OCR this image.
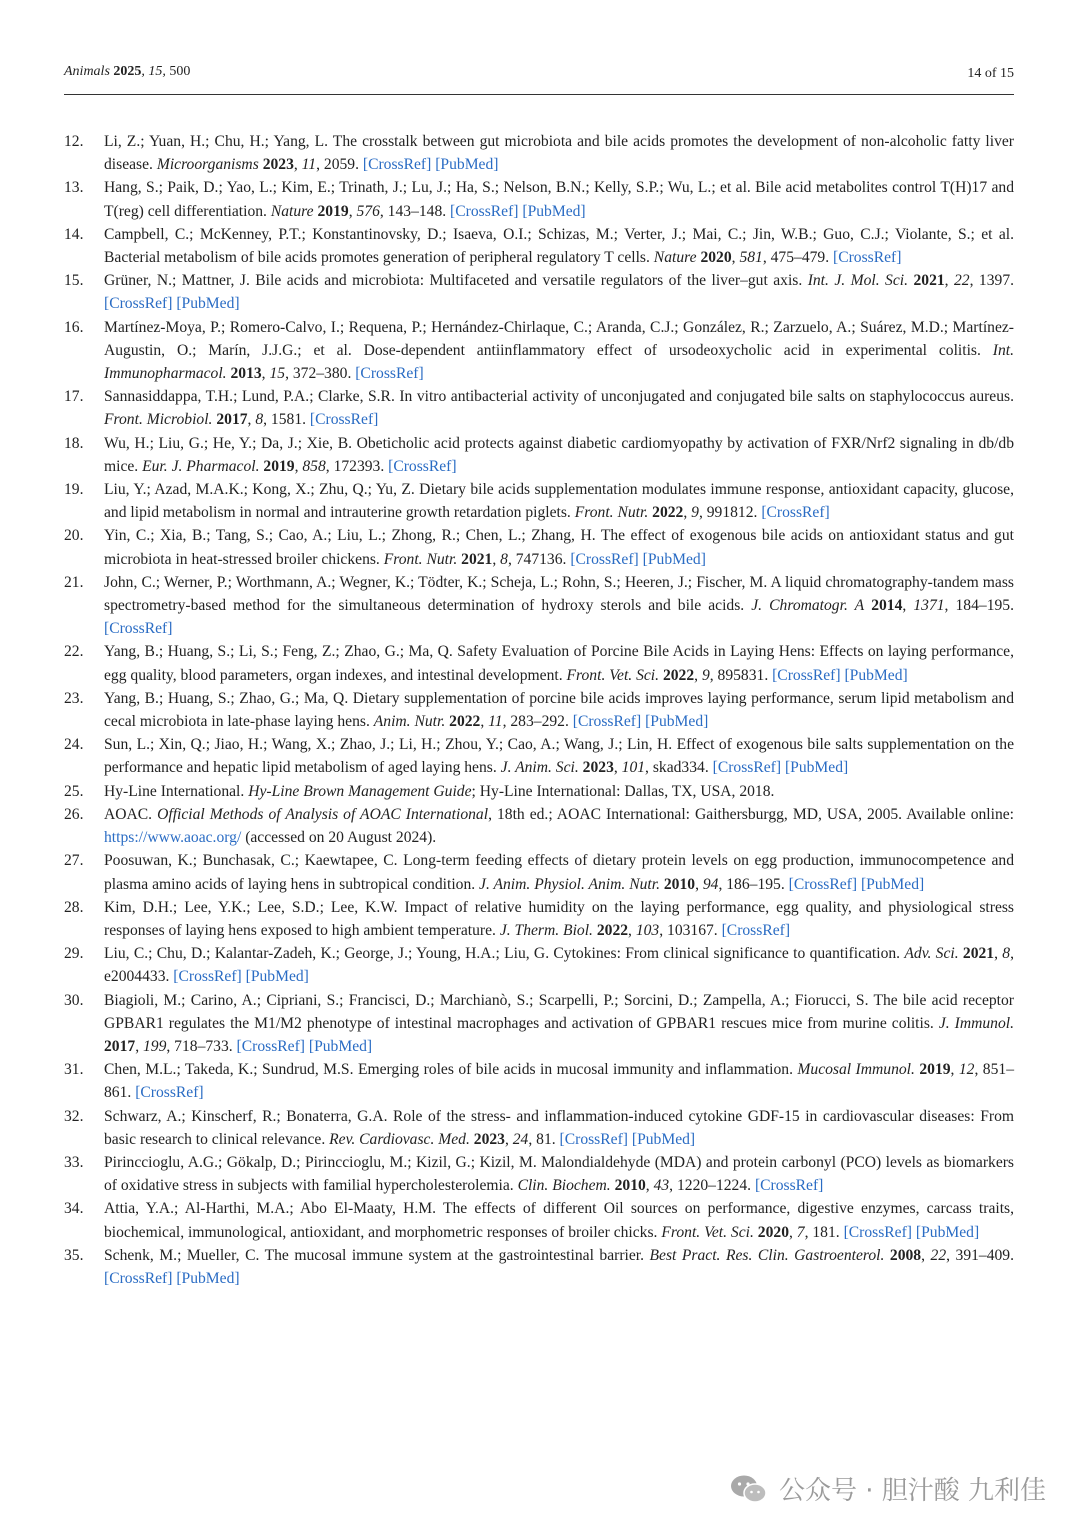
Animals 2025, 15, 500	14 of 15
12. Li, Z.; Yuan, H.; Chu, H.; Yang, L. The crosstalk between gut microbiota and bile acids promotes the development of non-alcoholic fatty liver disease. Microorganisms 2023, 11, 2059. [CrossRef] [PubMed]
13. Hang, S.; Paik, D.; Yao, L.; Kim, E.; Trinath, J.; Lu, J.; Ha, S.; Nelson, B.N.; Kelly, S.P.; Wu, L.; et al. Bile acid metabolites control T(H)17 and T(reg) cell differentiation. Nature 2019, 576, 143–148. [CrossRef] [PubMed]
14. Campbell, C.; McKenney, P.T.; Konstantinovsky, D.; Isaeva, O.I.; Schizas, M.; Verter, J.; Mai, C.; Jin, W.B.; Guo, C.J.; Violante, S.; et al. Bacterial metabolism of bile acids promotes generation of peripheral regulatory T cells. Nature 2020, 581, 475–479. [CrossRef]
15. Grüner, N.; Mattner, J. Bile acids and microbiota: Multifaceted and versatile regulators of the liver–gut axis. Int. J. Mol. Sci. 2021, 22, 1397. [CrossRef] [PubMed]
16. Martínez-Moya, P.; Romero-Calvo, I.; Requena, P.; Hernández-Chirlaque, C.; Aranda, C.J.; González, R.; Zarzuelo, A.; Suárez, M.D.; Martínez-Augustin, O.; Marín, J.J.G.; et al. Dose-dependent antiinflammatory effect of ursodeoxycholic acid in experimental colitis. Int. Immunopharmacol. 2013, 15, 372–380. [CrossRef]
17. Sannasiddappa, T.H.; Lund, P.A.; Clarke, S.R. In vitro antibacterial activity of unconjugated and conjugated bile salts on staphylococcus aureus. Front. Microbiol. 2017, 8, 1581. [CrossRef]
18. Wu, H.; Liu, G.; He, Y.; Da, J.; Xie, B. Obeticholic acid protects against diabetic cardiomyopathy by activation of FXR/Nrf2 signaling in db/db mice. Eur. J. Pharmacol. 2019, 858, 172393. [CrossRef]
19. Liu, Y.; Azad, M.A.K.; Kong, X.; Zhu, Q.; Yu, Z. Dietary bile acids supplementation modulates immune response, antioxidant capacity, glucose, and lipid metabolism in normal and intrauterine growth retardation piglets. Front. Nutr. 2022, 9, 991812. [CrossRef]
20. Yin, C.; Xia, B.; Tang, S.; Cao, A.; Liu, L.; Zhong, R.; Chen, L.; Zhang, H. The effect of exogenous bile acids on antioxidant status and gut microbiota in heat-stressed broiler chickens. Front. Nutr. 2021, 8, 747136. [CrossRef] [PubMed]
21. John, C.; Werner, P.; Worthmann, A.; Wegner, K.; Tödter, K.; Scheja, L.; Rohn, S.; Heeren, J.; Fischer, M. A liquid chromatography-tandem mass spectrometry-based method for the simultaneous determination of hydroxy sterols and bile acids. J. Chromatogr. A 2014, 1371, 184–195. [CrossRef]
22. Yang, B.; Huang, S.; Li, S.; Feng, Z.; Zhao, G.; Ma, Q. Safety Evaluation of Porcine Bile Acids in Laying Hens: Effects on laying performance, egg quality, blood parameters, organ indexes, and intestinal development. Front. Vet. Sci. 2022, 9, 895831. [CrossRef] [PubMed]
23. Yang, B.; Huang, S.; Zhao, G.; Ma, Q. Dietary supplementation of porcine bile acids improves laying performance, serum lipid metabolism and cecal microbiota in late-phase laying hens. Anim. Nutr. 2022, 11, 283–292. [CrossRef] [PubMed]
24. Sun, L.; Xin, Q.; Jiao, H.; Wang, X.; Zhao, J.; Li, H.; Zhou, Y.; Cao, A.; Wang, J.; Lin, H. Effect of exogenous bile salts supplementation on the performance and hepatic lipid metabolism of aged laying hens. J. Anim. Sci. 2023, 101, skad334. [CrossRef] [PubMed]
25. Hy-Line International. Hy-Line Brown Management Guide; Hy-Line International: Dallas, TX, USA, 2018.
26. AOAC. Official Methods of Analysis of AOAC International, 18th ed.; AOAC International: Gaithersburgg, MD, USA, 2005. Available online: https://www.aoac.org/ (accessed on 20 August 2024).
27. Poosuwan, K.; Bunchasak, C.; Kaewtapee, C. Long-term feeding effects of dietary protein levels on egg production, immunocompetence and plasma amino acids of laying hens in subtropical condition. J. Anim. Physiol. Anim. Nutr. 2010, 94, 186–195. [CrossRef] [PubMed]
28. Kim, D.H.; Lee, Y.K.; Lee, S.D.; Lee, K.W. Impact of relative humidity on the laying performance, egg quality, and physiological stress responses of laying hens exposed to high ambient temperature. J. Therm. Biol. 2022, 103, 103167. [CrossRef]
29. Liu, C.; Chu, D.; Kalantar-Zadeh, K.; George, J.; Young, H.A.; Liu, G. Cytokines: From clinical significance to quantification. Adv. Sci. 2021, 8, e2004433. [CrossRef] [PubMed]
30. Biagioli, M.; Carino, A.; Cipriani, S.; Francisci, D.; Marchianò, S.; Scarpelli, P.; Sorcini, D.; Zampella, A.; Fiorucci, S. The bile acid receptor GPBAR1 regulates the M1/M2 phenotype of intestinal macrophages and activation of GPBAR1 rescues mice from murine colitis. J. Immunol. 2017, 199, 718–733. [CrossRef] [PubMed]
31. Chen, M.L.; Takeda, K.; Sundrud, M.S. Emerging roles of bile acids in mucosal immunity and inflammation. Mucosal Immunol. 2019, 12, 851–861. [CrossRef]
32. Schwarz, A.; Kinscherf, R.; Bonaterra, G.A. Role of the stress- and inflammation-induced cytokine GDF-15 in cardiovascular diseases: From basic research to clinical relevance. Rev. Cardiovasc. Med. 2023, 24, 81. [CrossRef] [PubMed]
33. Pirinccioglu, A.G.; Gökalp, D.; Pirinccioglu, M.; Kizil, G.; Kizil, M. Malondialdehyde (MDA) and protein carbonyl (PCO) levels as biomarkers of oxidative stress in subjects with familial hypercholesterolemia. Clin. Biochem. 2010, 43, 1220–1224. [CrossRef]
34. Attia, Y.A.; Al-Harthi, M.A.; Abo El-Maaty, H.M. The effects of different Oil sources on performance, digestive enzymes, carcass traits, biochemical, immunological, antioxidant, and morphometric responses of broiler chicks. Front. Vet. Sci. 2020, 7, 181. [CrossRef] [PubMed]
35. Schenk, M.; Mueller, C. The mucosal immune system at the gastrointestinal barrier. Best Pract. Res. Clin. Gastroenterol. 2008, 22, 391–409. [CrossRef] [PubMed]
公众号 · 胆汁酸 九利佳
